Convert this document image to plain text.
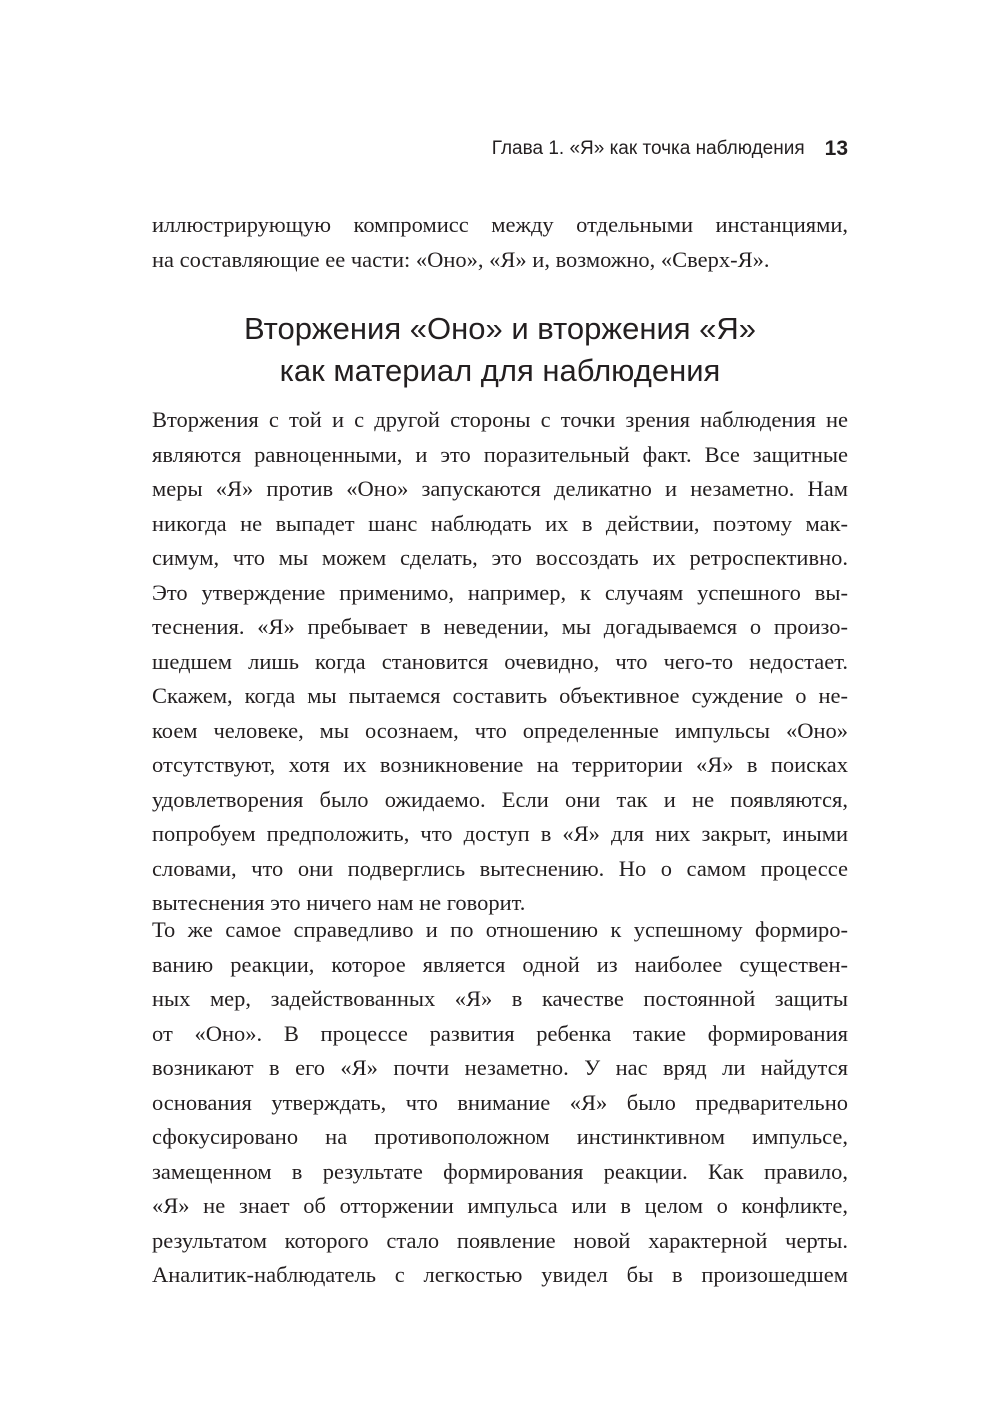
Глава 1. «Я» как точка наблюдения 13
иллюстрирующую компромисс между отдельными инстанциями,
на составляющие ее части: «Оно», «Я» и, возможно, «Сверх-Я».
Вторжения «Оно» и вторжения «Я»
как материал для наблюдения
Вторжения с той и с другой стороны с точки зрения наблюдения не
являются равноценными, и это поразительный факт. Все защитные
меры «Я» против «Оно» запускаются деликатно и незаметно. Нам
никогда не выпадет шанс наблюдать их в действии, поэтому мак-
симум, что мы можем сделать, это воссоздать их ретроспективно.
Это утверждение применимо, например, к случаям успешного вы-
теснения. «Я» пребывает в неведении, мы догадываемся о произо-
шедшем лишь когда становится очевидно, что чего-то недостает.
Скажем, когда мы пытаемся составить объективное суждение о не-
коем человеке, мы осознаем, что определенные импульсы «Оно»
отсутствуют, хотя их возникновение на территории «Я» в поисках
удовлетворения было ожидаемо. Если они так и не появляются,
попробуем предположить, что доступ в «Я» для них закрыт, иными
словами, что они подверглись вытеснению. Но о самом процессе
вытеснения это ничего нам не говорит.
То же самое справедливо и по отношению к успешному формиро-
ванию реакции, которое является одной из наиболее существен-
ных мер, задействованных «Я» в качестве постоянной защиты
от «Оно». В процессе развития ребенка такие формирования
возникают в его «Я» почти незаметно. У нас вряд ли найдутся
основания утверждать, что внимание «Я» было предварительно
сфокусировано на противоположном инстинктивном импульсе,
замещенном в результате формирования реакции. Как правило,
«Я» не знает об отторжении импульса или в целом о конфликте,
результатом которого стало появление новой характерной черты.
Аналитик-наблюдатель с легкостью увидел бы в произошедшем
